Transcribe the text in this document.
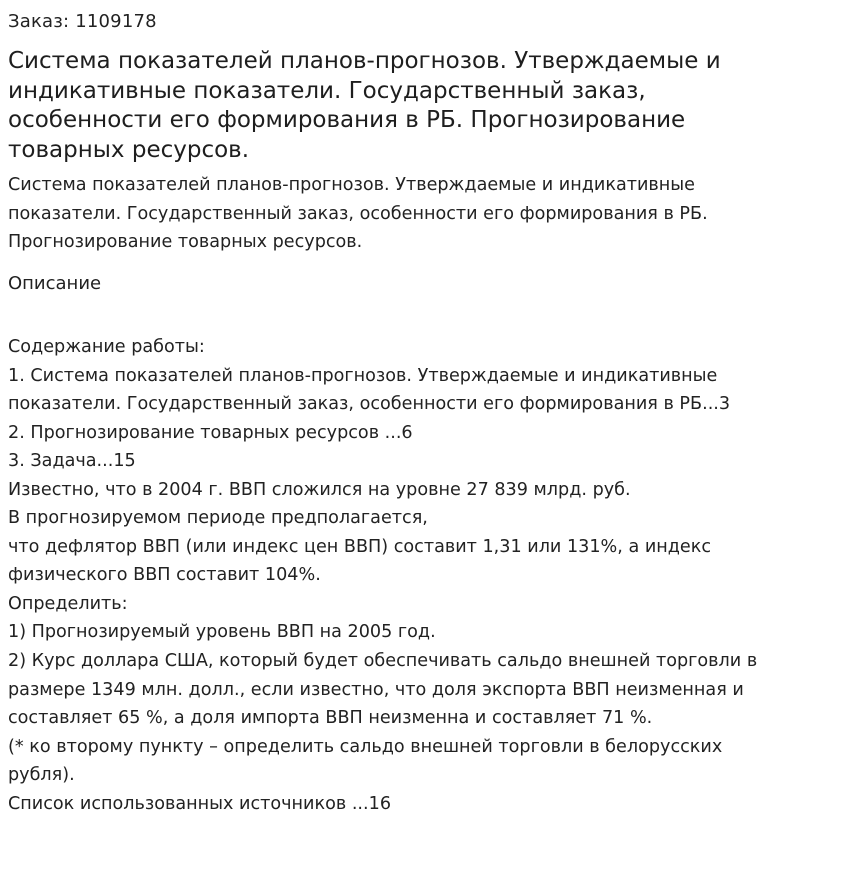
Заказ: 1109178
Система показателей планов-прогнозов. Утверждаемые и
индикативные показатели. Государственный заказ,
особенности его формирования в РБ. Прогнозирование
товарных ресурсов.
Система показателей планов-прогнозов. Утверждаемые и индикативные
показатели. Государственный заказ, особенности его формирования в РБ.
Прогнозирование товарных ресурсов.
Описание
Содержание работы:
1. Система показателей планов-прогнозов. Утверждаемые и индикативные
показатели. Государственный заказ, особенности его формирования в РБ...3
2. Прогнозирование товарных ресурсов ...6
3. Задача...15
Известно, что в 2004 г. ВВП сложился на уровне 27 839 млрд. руб.
В прогнозируемом периоде предполагается,
что дефлятор ВВП (или индекс цен ВВП) составит 1,31 или 131%, а индекс
физического ВВП составит 104%.
Определить:
1) Прогнозируемый уровень ВВП на 2005 год.
2) Курс доллара США, который будет обеспечивать сальдо внешней торговли в
размере 1349 млн. долл., если известно, что доля экспорта ВВП неизменная и
составляет 65 %, а доля импорта ВВП неизменна и составляет 71 %.
(* ко второму пункту – определить сальдо внешней торговли в белорусских
рубля).
Список использованных источников ...16
